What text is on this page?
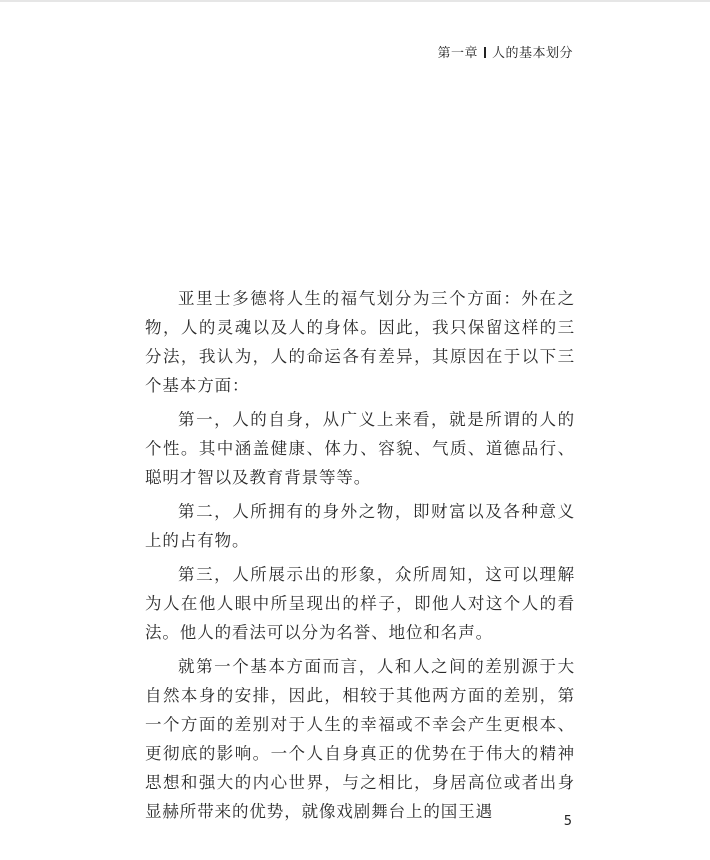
第一章 人的基本划分

亚里士多德将人生的福气划分为三个方面：外在之物，人的灵魂以及人的身体。因此，我只保留这样的三分法，我认为，人的命运各有差异，其原因在于以下三个基本方面：

第一，人的自身，从广义上来看，就是所谓的人的个性。其中涵盖健康、体力、容貌、气质、道德品行、聪明才智以及教育背景等等。

第二，人所拥有的身外之物，即财富以及各种意义上的占有物。

第三，人所展示出的形象，众所周知，这可以理解为人在他人眼中所呈现出的样子，即他人对这个人的看法。他人的看法可以分为名誉、地位和名声。

就第一个基本方面而言，人和人之间的差别源于大自然本身的安排，因此，相较于其他两方面的差别，第一个方面的差别对于人生的幸福或不幸会产生更根本、更彻底的影响。一个人自身真正的优势在于伟大的精神思想和强大的内心世界，与之相比，身居高位或者出身显赫所带来的优势，就像戏剧舞台上的国王遇

5
